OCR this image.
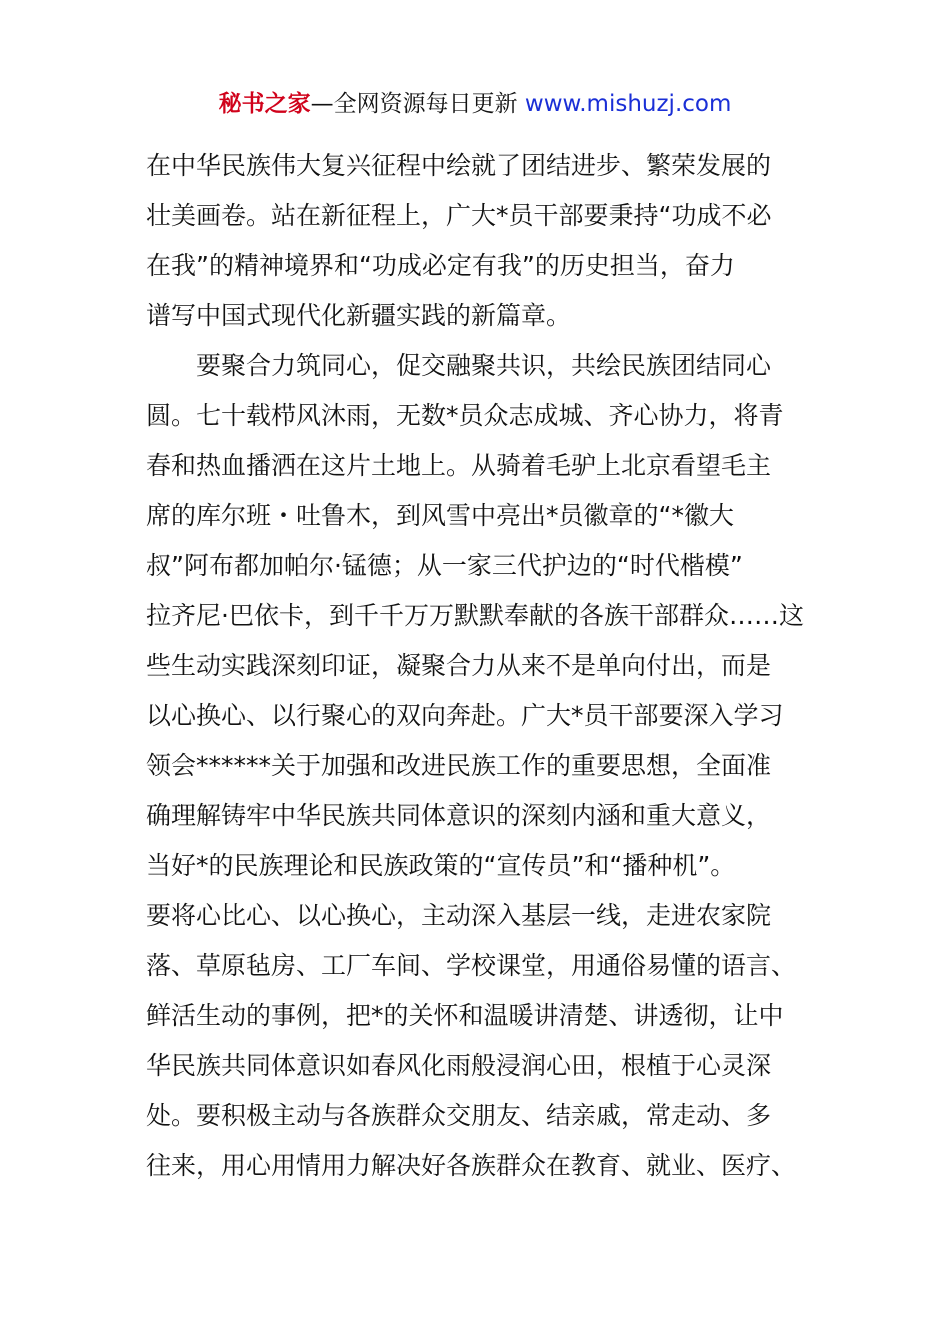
秘书之家—全网资源每日更新 www.mishuzj.com
在中华民族伟大复兴征程中绘就了团结进步、繁荣发展的
壮美画卷。站在新征程上，广大*员干部要秉持“功成不必
在我”的精神境界和“功成必定有我”的历史担当，奋力
谱写中国式现代化新疆实践的新篇章。
要聚合力筑同心，促交融聚共识，共绘民族团结同心
圆。七十载栉风沐雨，无数*员众志成城、齐心协力，将青
春和热血播洒在这片土地上。从骑着毛驴上北京看望毛主
席的库尔班・吐鲁木，到风雪中亮出*员徽章的“*徽大
叔”阿布都加帕尔·锰德；从一家三代护边的“时代楷模”
拉齐尼·巴依卡，到千千万万默默奉献的各族干部群众……这
些生动实践深刻印证，凝聚合力从来不是单向付出，而是
以心换心、以行聚心的双向奔赴。广大*员干部要深入学习
领会******关于加强和改进民族工作的重要思想，全面准
确理解铸牢中华民族共同体意识的深刻内涵和重大意义，
当好*的民族理论和民族政策的“宣传员”和“播种机”。
要将心比心、以心换心，主动深入基层一线，走进农家院
落、草原毡房、工厂车间、学校课堂，用通俗易懂的语言、
鲜活生动的事例，把*的关怀和温暖讲清楚、讲透彻，让中
华民族共同体意识如春风化雨般浸润心田，根植于心灵深
处。要积极主动与各族群众交朋友、结亲戚，常走动、多
往来，用心用情用力解决好各族群众在教育、就业、医疗、
